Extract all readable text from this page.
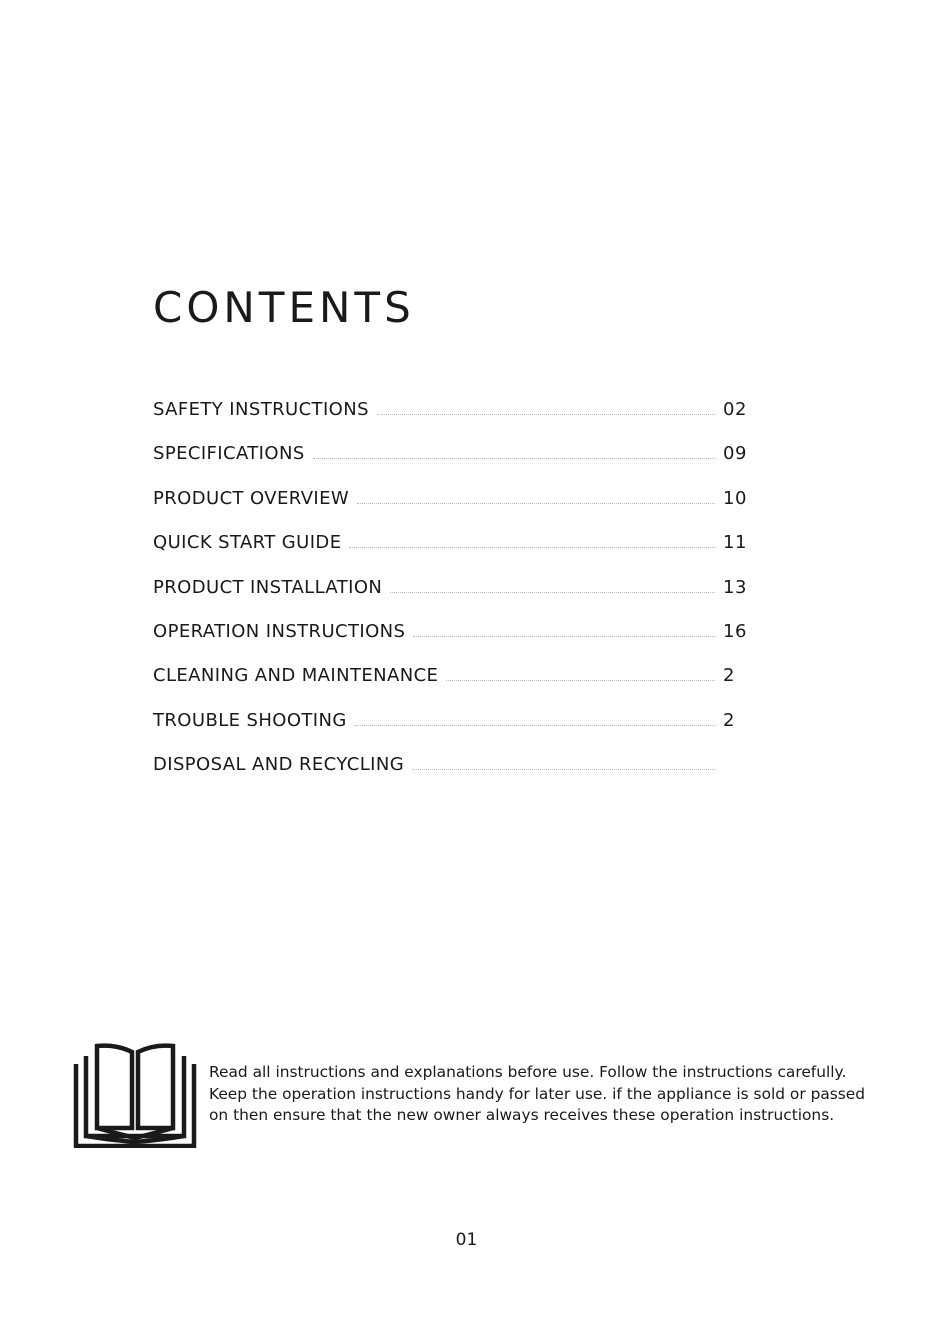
CONTENTS
SAFETY INSTRUCTIONS	02
SPECIFICATIONS	09
PRODUCT OVERVIEW	10
QUICK START GUIDE	11
PRODUCT INSTALLATION	13
OPERATION INSTRUCTIONS	16
CLEANING AND MAINTENANCE	2
TROUBLE SHOOTING	2
DISPOSAL AND RECYCLING

Read all instructions and explanations before use. Follow the instructions carefully. Keep the operation instructions handy for later use. if the appliance is sold or passed on then ensure that the new owner always receives these operation instructions.

01
